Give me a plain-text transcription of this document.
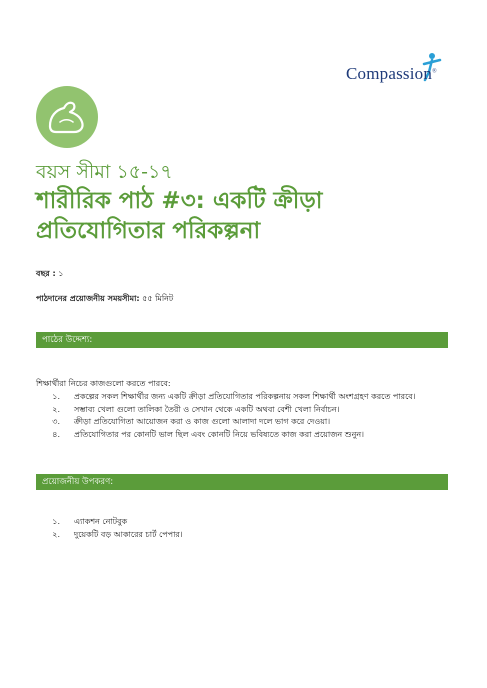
Compassion®
বয়স সীমা ১৫-১৭
শারীরিক পাঠ #৩: একটি ক্রীড়া
প্রতিযোগিতার পরিকল্পনা
বছর : ১
পাঠদানের প্রয়োজনীয় সময়সীমা: ৫৫ মিনিট
পাঠের উদ্দেশ্য:
শিক্ষার্থীরা নিচের কাজগুলো করতে পারবে:
১.	প্রকল্পের সকল শিক্ষার্থীর জন্য একটি ক্রীড়া প্রতিযোগিতার পরিকল্পনায় সকল শিক্ষার্থী অংশগ্রহণ করতে পারবে।
২.	সম্ভাব্য খেলা গুলো তালিকা তৈরী ও সেখান থেকে একটি অথবা বেশী খেলা নির্বাচন।
৩.	ক্রীড়া প্রতিযোগিতা আয়োজন করা ও কাজ গুলো আলাদা দলে ভাগ করে দেওয়া।
৪.	প্রতিযোগিতার পর কোনটি ভাল ছিল এবং কোনটি নিয়ে ভবিষ্যতে কাজ করা প্রয়োজন শুনুন।
প্রয়োজনীয় উপকরণ:
১.	এ্যাকশন নোটবুক
২.	দুয়েকটি বড় আকারের চার্ট পেপার।
